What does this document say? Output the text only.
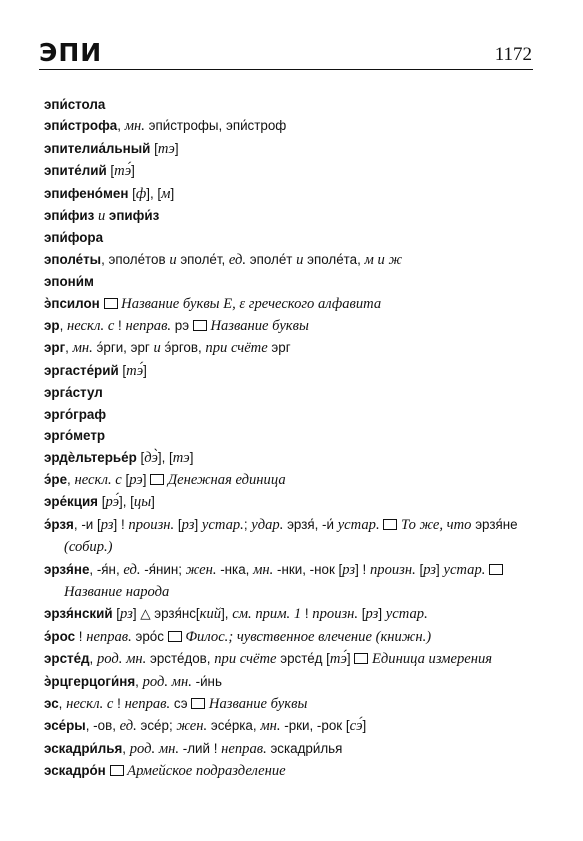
ЭПИ	1172

эпи́стола

эпи́строфа, мн. эпи́строфы, эпи́строф

эпителиа́льный [тэ]

эпите́лий [тэ́]

эпифено́мен [ф], [м]

эпи́физ и эпифи́з

эпи́фора

эполе́ты, эполе́тов и эполе́т, ед. эполе́т и эполе́та, м и ж

эпони́м

э̀псилон  Название буквы Е, ε греческого алфавита

эр, нескл. с ! неправ. рэ  Название буквы

эрг, мн. э́рги, эрг и э́ргов, при счёте эрг

эргасте́рий [тэ́]

эрга́стул

эрго́граф

эрго́метр

эрдѐльтерье́р [дэ̀], [тэ]

э́ре, нескл. с [рэ]  Денежная единица

эре́кция [рэ́], [цы]

э́рзя, -и [рз] ! произн. [рз] устар.; удар. эрзя́, -и́ устар.  То же, что эрзя́не (собир.)

эрзя́не, -я́н, ед. -я́нин; жен. -нка, мн. -нки, -нок [рз] ! произн. [рз] устар.  Название народа

эрзя́нский [рз] △ эрзя́нс[кий], см. прим. 1 ! произн. [рз] устар.

э́рос ! неправ. эро́с  Филос.; чувственное влечение (книжн.)

эрсте́д, род. мн. эрсте́дов, при счёте эрсте́д [тэ́]  Единица измерения

э̀рцгерцоги́ня, род. мн. -и́нь

эс, нескл. с ! неправ. сэ  Название буквы

эсе́ры, -ов, ед. эсе́р; жен. эсе́рка, мн. -рки, -рок [сэ́]

эскадри́лья, род. мн. -лий ! неправ. эскадри́лья

эскадро́н  Армейское подразделение
